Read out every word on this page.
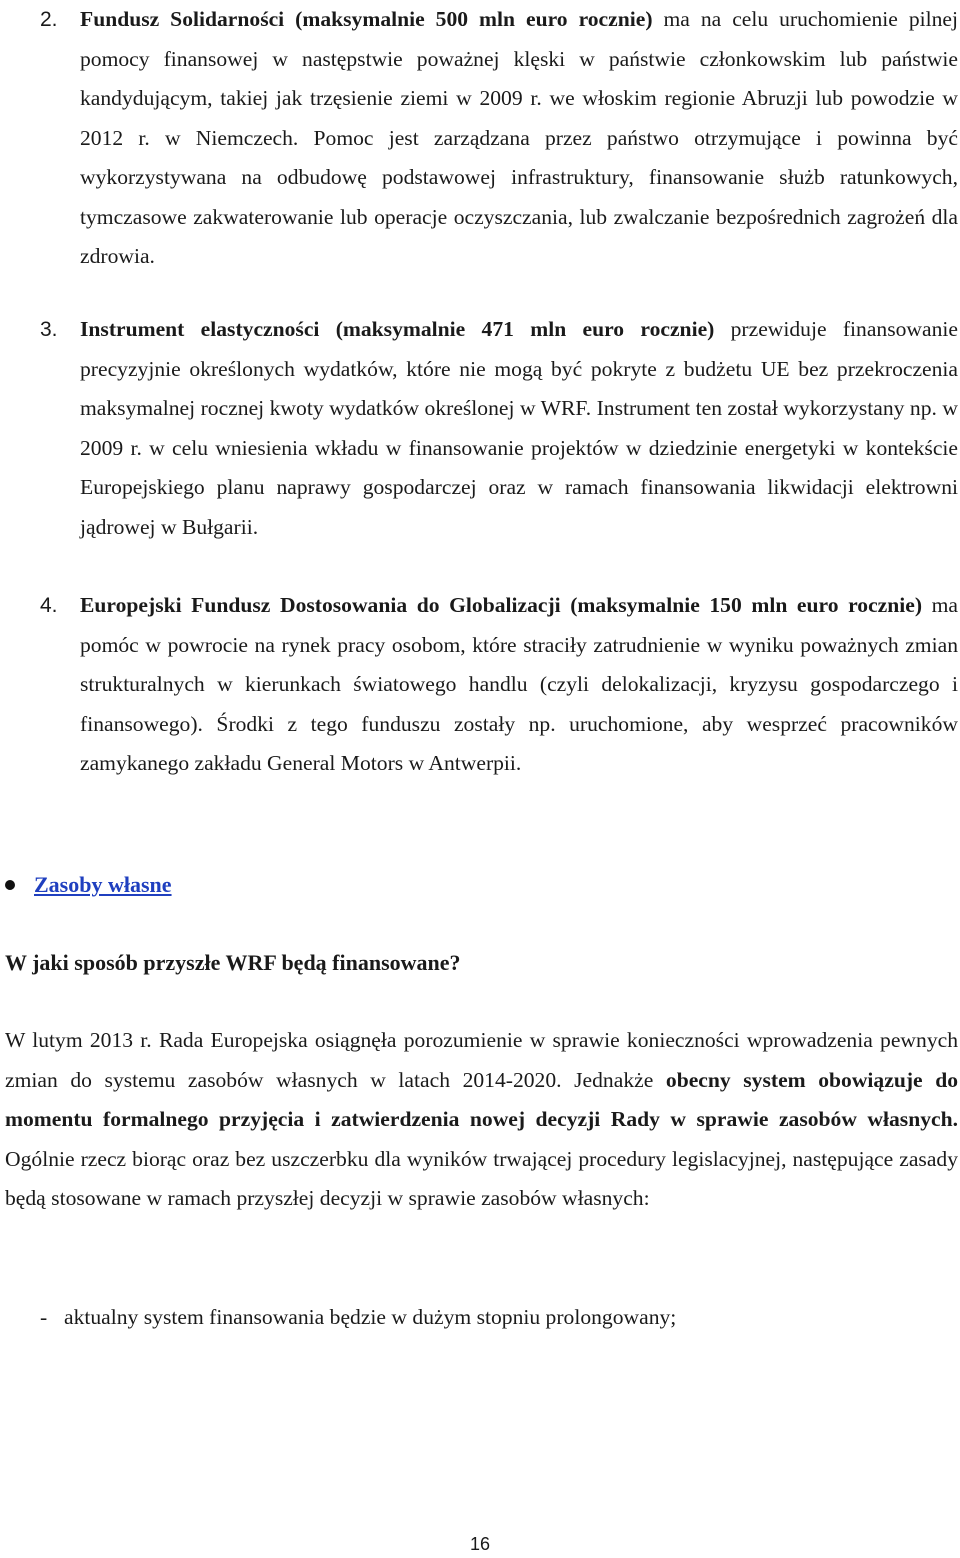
2. Fundusz Solidarności (maksymalnie 500 mln euro rocznie) ma na celu uruchomienie pilnej pomocy finansowej w następstwie poważnej klęski w państwie członkowskim lub państwie kandydującym, takiej jak trzęsienie ziemi w 2009 r. we włoskim regionie Abruzji lub powodzie w 2012 r. w Niemczech. Pomoc jest zarządzana przez państwo otrzymujące i powinna być wykorzystywana na odbudowę podstawowej infrastruktury, finansowanie służb ratunkowych, tymczasowe zakwaterowanie lub operacje oczyszczania, lub zwalczanie bezpośrednich zagrożeń dla zdrowia.

3. Instrument elastyczności (maksymalnie 471 mln euro rocznie) przewiduje finansowanie precyzyjnie określonych wydatków, które nie mogą być pokryte z budżetu UE bez przekroczenia maksymalnej rocznej kwoty wydatków określonej w WRF. Instrument ten został wykorzystany np. w 2009 r. w celu wniesienia wkładu w finansowanie projektów w dziedzinie energetyki w kontekście Europejskiego planu naprawy gospodarczej oraz w ramach finansowania likwidacji elektrowni jądrowej w Bułgarii.

4. Europejski Fundusz Dostosowania do Globalizacji (maksymalnie 150 mln euro rocznie) ma pomóc w powrocie na rynek pracy osobom, które straciły zatrudnienie w wyniku poważnych zmian strukturalnych w kierunkach światowego handlu (czyli delokalizacji, kryzysu gospodarczego i finansowego). Środki z tego funduszu zostały np. uruchomione, aby wesprzeć pracowników zamykanego zakładu General Motors w Antwerpii.

Zasoby własne
W jaki sposób przyszłe WRF będą finansowane?

W lutym 2013 r. Rada Europejska osiągnęła porozumienie w sprawie konieczności wprowadzenia pewnych zmian do systemu zasobów własnych w latach 2014-2020. Jednakże obecny system obowiązuje do momentu formalnego przyjęcia i zatwierdzenia nowej decyzji Rady w sprawie zasobów własnych. Ogólnie rzecz biorąc oraz bez uszczerbku dla wyników trwającej procedury legislacyjnej, następujące zasady będą stosowane w ramach przyszłej decyzji w sprawie zasobów własnych:

- aktualny system finansowania będzie w dużym stopniu prolongowany;
16
